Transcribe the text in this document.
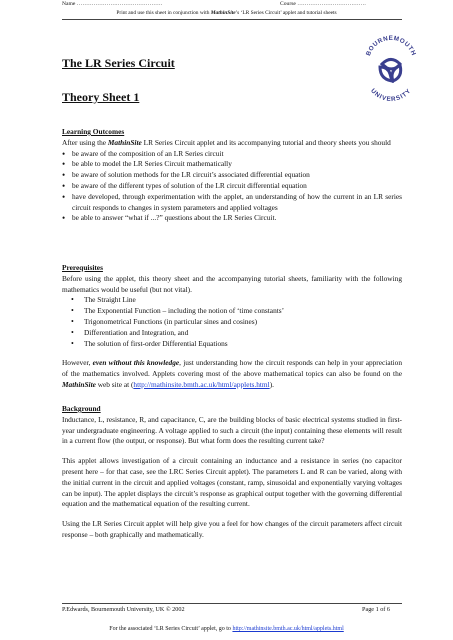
Name ……………………………………….	Course ……………………………….
Print and use this sheet in conjunction with MathinSite’s ‘LR Series Circuit’ applet and tutorial sheets
The LR Series Circuit
Theory Sheet 1
BOURNEMOUTH
UNIVERSITY
Learning Outcomes

After using the MathinSite LR Series Circuit applet and its accompanying tutorial and theory sheets you should

• be aware of the composition of an LR Series circuit
• be able to model the LR Series Circuit mathematically
• be aware of solution methods for the LR circuit’s associated differential equation
• be aware of the different types of solution of the LR circuit differential equation
• have developed, through experimentation with the applet, an understanding of how the current in an LR series circuit responds to changes in system parameters and applied voltages
• be able to answer “what if ...?” questions about the LR Series Circuit.
Prerequisites

Before using the applet, this theory sheet and the accompanying tutorial sheets, familiarity with the following mathematics would be useful (but not vital).

• The Straight Line
• The Exponential Function – including the notion of ‘time constants’
• Trigonometrical Functions (in particular sines and cosines)
• Differentiation and Integration, and
• The solution of first-order Differential Equations

However, even without this knowledge, just understanding how the circuit responds can help in your appreciation of the mathematics involved. Applets covering most of the above mathematical topics can also be found on the MathinSite web site at (http://mathinsite.bmth.ac.uk/html/applets.html).

Background

Inductance, L, resistance, R, and capacitance, C, are the building blocks of basic electrical systems studied in first-year undergraduate engineering. A voltage applied to such a circuit (the input) containing these elements will result in a current flow (the output, or response). But what form does the resulting current take?

This applet allows investigation of a circuit containing an inductance and a resistance in series (no capacitor present here – for that case, see the LRC Series Circuit applet). The parameters L and R can be varied, along with the initial current in the circuit and applied voltages (constant, ramp, sinusoidal and exponentially varying voltages can be input). The applet displays the circuit’s response as graphical output together with the governing differential equation and the mathematical equation of the resulting current.

Using the LR Series Circuit applet will help give you a feel for how changes of the circuit parameters affect circuit response – both graphically and mathematically.

P.Edwards, Bournemouth University, UK © 2002	Page 1 of 6
For the associated ‘LR Series Circuit’ applet, go to http://mathinsite.bmth.ac.uk/html/applets.html
